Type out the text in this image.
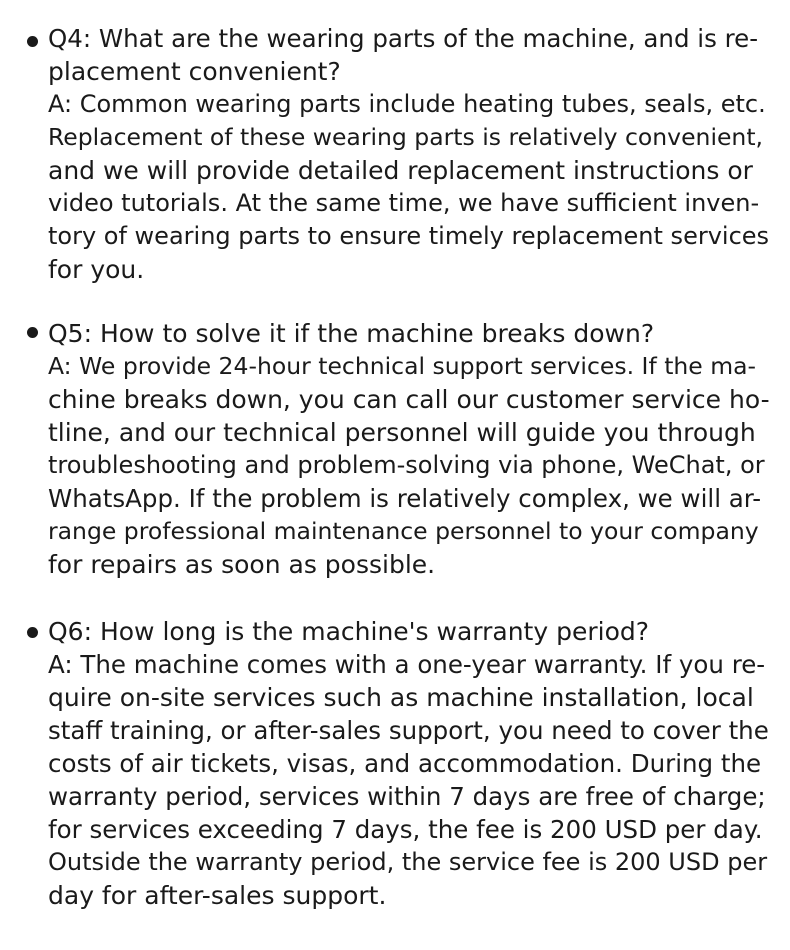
Q4: What are the wearing parts of the machine, and is re-
placement convenient?
A: Common wearing parts include heating tubes, seals, etc.
Replacement of these wearing parts is relatively convenient,
and we will provide detailed replacement instructions or
video tutorials. At the same time, we have sufficient inven-
tory of wearing parts to ensure timely replacement services
for you.
Q5: How to solve it if the machine breaks down?
A: We provide 24-hour technical support services. If the ma-
chine breaks down, you can call our customer service ho-
tline, and our technical personnel will guide you through
troubleshooting and problem-solving via phone, WeChat, or
WhatsApp. If the problem is relatively complex, we will ar-
range professional maintenance personnel to your company
for repairs as soon as possible.
Q6: How long is the machine's warranty period?
A: The machine comes with a one-year warranty. If you re-
quire on-site services such as machine installation, local
staff training, or after-sales support, you need to cover the
costs of air tickets, visas, and accommodation. During the
warranty period, services within 7 days are free of charge;
for services exceeding 7 days, the fee is 200 USD per day.
Outside the warranty period, the service fee is 200 USD per
day for after-sales support.
